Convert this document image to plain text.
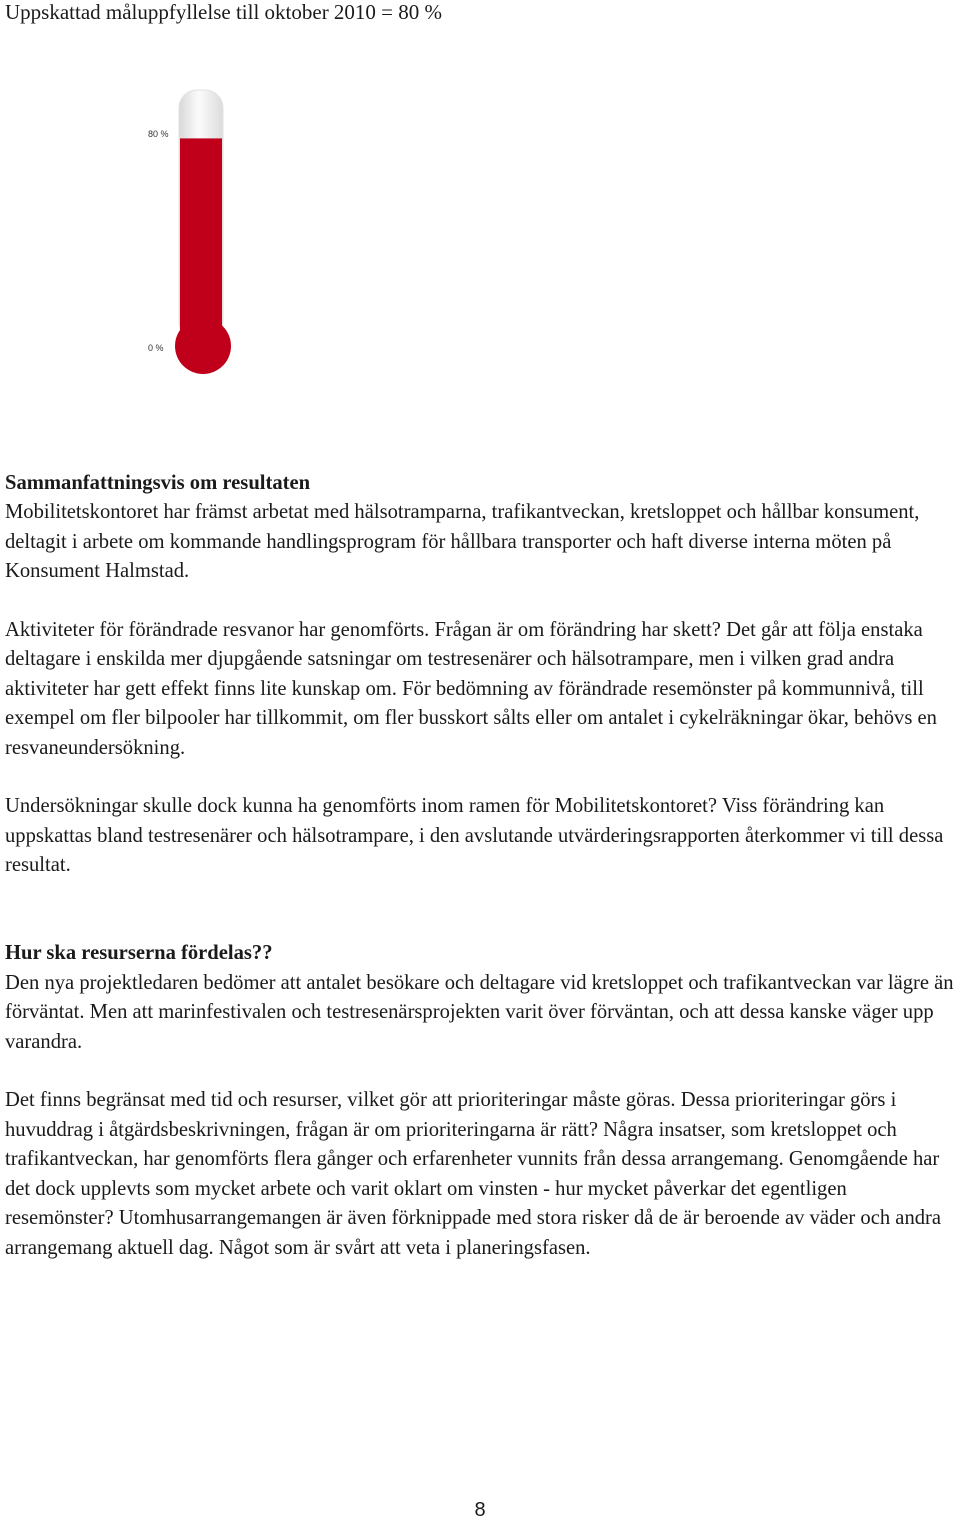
Uppskattad måluppfyllelse till oktober 2010 = 80 %
80 %
0 %
Sammanfattningsvis om resultaten

Mobilitetskontoret har främst arbetat med hälsotramparna, trafikantveckan, kretsloppet och hållbar konsument, deltagit i arbete om kommande handlingsprogram för hållbara transporter och haft diverse interna möten på Konsument Halmstad.

Aktiviteter för förändrade resvanor har genomförts. Frågan är om förändring har skett? Det går att följa enstaka deltagare i enskilda mer djupgående satsningar om testresenärer och hälsotrampare, men i vilken grad andra aktiviteter har gett effekt finns lite kunskap om. För bedömning av förändrade resemönster på kommunnivå, till exempel om fler bilpooler har tillkommit, om fler busskort sålts eller om antalet i cykelräkningar ökar, behövs en resvaneundersökning.

Undersökningar skulle dock kunna ha genomförts inom ramen för Mobilitetskontoret? Viss förändring kan uppskattas bland testresenärer och hälsotrampare, i den avslutande utvärderingsrapporten återkommer vi till dessa resultat.

Hur ska resurserna fördelas??

Den nya projektledaren bedömer att antalet besökare och deltagare vid kretsloppet och trafikantveckan var lägre än förväntat. Men att marinfestivalen och testresenärsprojekten varit över förväntan, och att dessa kanske väger upp varandra.

Det finns begränsat med tid och resurser, vilket gör att prioriteringar måste göras. Dessa prioriteringar görs i huvuddrag i åtgärdsbeskrivningen, frågan är om prioriteringarna är rätt? Några insatser, som kretsloppet och trafikantveckan, har genomförts flera gånger och erfarenheter vunnits från dessa arrangemang. Genomgående har det dock upplevts som mycket arbete och varit oklart om vinsten - hur mycket påverkar det egentligen resemönster? Utomhusarrangemangen är även förknippade med stora risker då de är beroende av väder och andra arrangemang aktuell dag. Något som är svårt att veta i planeringsfasen.

8
